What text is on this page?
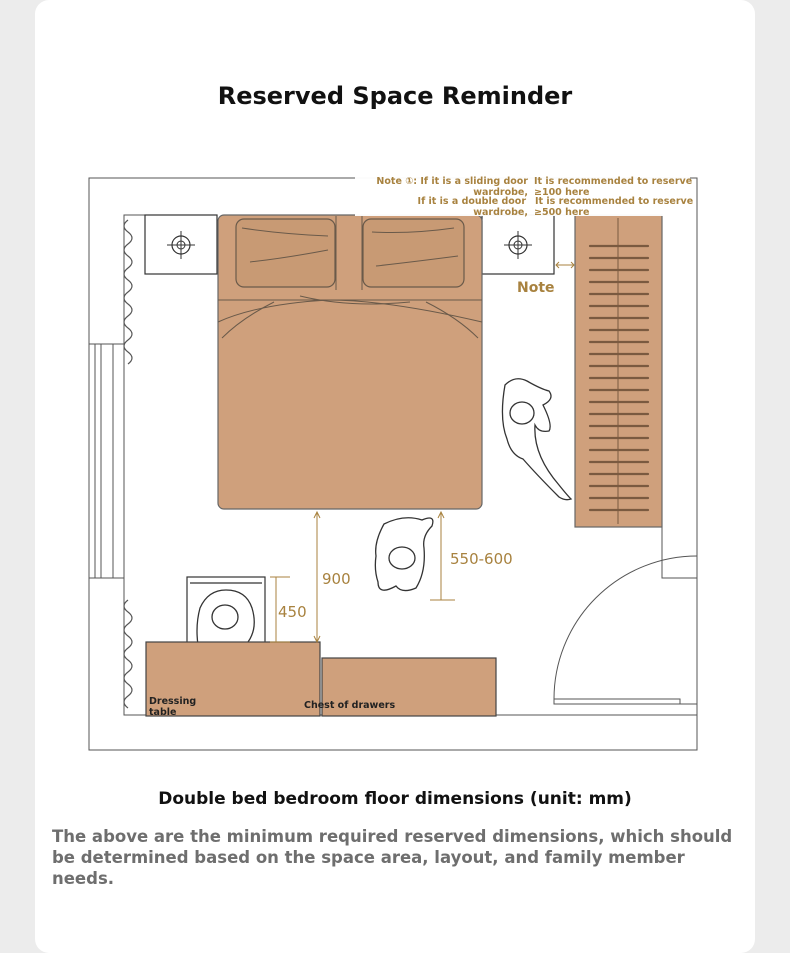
Reserved Space Reminder
Note ①: If it is a sliding door It is recommended to reserve
wardrobe, ≥100 here
If it is a double door It is recommended to reserve
wardrobe, ≥500 here
Note
900
450
550-600
Dressing
table
Chest of drawers
Double bed bedroom floor dimensions (unit: mm)
The above are the minimum required reserved dimensions, which should be determined based on the space area, layout, and family member needs.
